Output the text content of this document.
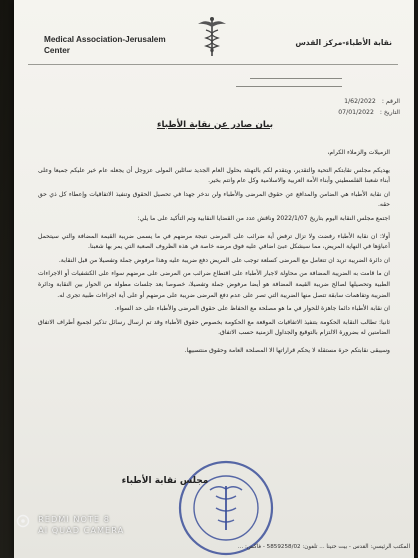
Medical Association-Jerusalem
Center
نقابة الأطباء-مركز القدس
الرقم : 1/62/2022
التاريخ : 07/01/2022
بيان صادر عن نقابة الأطباء

الزميلات والزملاء الكرام،

يهديكم مجلس نقابتكم التحية والتقدير، ويتقدم لكم بالتهنئة بحلول العام الجديد سائلين المولى عزوجل أن يجعله عام خير عليكم جميعا وعلى أبناء شعبنا الفلسطيني وأبناء الأمة العربية والاسلامية وكل عام وانتم بخير.

ان نقابة الأطباء هي الضامن والمدافع عن حقوق المرضى والأطباء ولن ندخر جهدا في تحصيل الحقوق وتنفيذ الاتفاقيات وإعطاء كل ذي حق حقه.

اجتمع مجلس النقابة اليوم بتاريخ 2022/1/07 وناقش عدد من القضايا النقابية وتم التأكيد على ما يلي:

أولا: ان نقابة الأطباء رفضت ولا تزال ترفض أية ضرائب على المرضى نتيجة مرضهم في ما يسمى ضريبة القيمة المضافة والتي سيتحمل أعباؤها في النهاية المريض، مما سيشكل عبئ اضافي عليه فوق مرضه خاصة في هذه الظروف الصعبة التي يمر بها شعبنا.

ان دائرة الضريبة تريد ان تتعامل مع المرضى كسلعة توجب على المريض دفع ضريبة عليه وهذا مرفوض جملة وتفصيلا من قبل النقابة.

ان ما قامت به الضريبة المضافة من محاولة لاجبار الأطباء على اقتطاع ضرائب من المرضى على مرضهم سواء على الكشفيات أو الاجراءات الطبية وتحصيلها لصالح ضريبة القيمة المضافة هو أيضا مرفوض جملة وتفصيلا، خصوصا بعد جلسات مطولة من الحوار بين النقابة ودائرة الضريبة وتفاهمات سابقة تتصل منها الضريبة التي تصر على عدم دفع المرضى ضريبة على مرضهم أو على أية اجراءات طبية تجرى له.

ان نقابة الأطباء دائما جاهزة للحوار في ما هو مصلحة مع الحفاظ على حقوق المرضى والأطباء على حد السواء.

ثانيا: تطالب النقابة الحكومة بتنفيذ الاتفاقيات الموقعة مع الحكومة بخصوص حقوق الأطباء وقد تم ارسال رسائل تذكير لجميع أطراف الاتفاق الضامنين له بضرورة الالتزام بالتوقيع والجداول الزمنية حسب الاتفاق.

وسيبقى نقابتكم حرة مستقلة لا يحكم قراراتها الا المصلحة العامة وحقوق منتسبيها.

مجلس نقابة الأطباء
المكتب الرئيسي: القدس - بيت حنينا ... تلفون: 5859258/02 - فاكس: ...

REDMI NOTE 8
AI QUAD CAMERA
